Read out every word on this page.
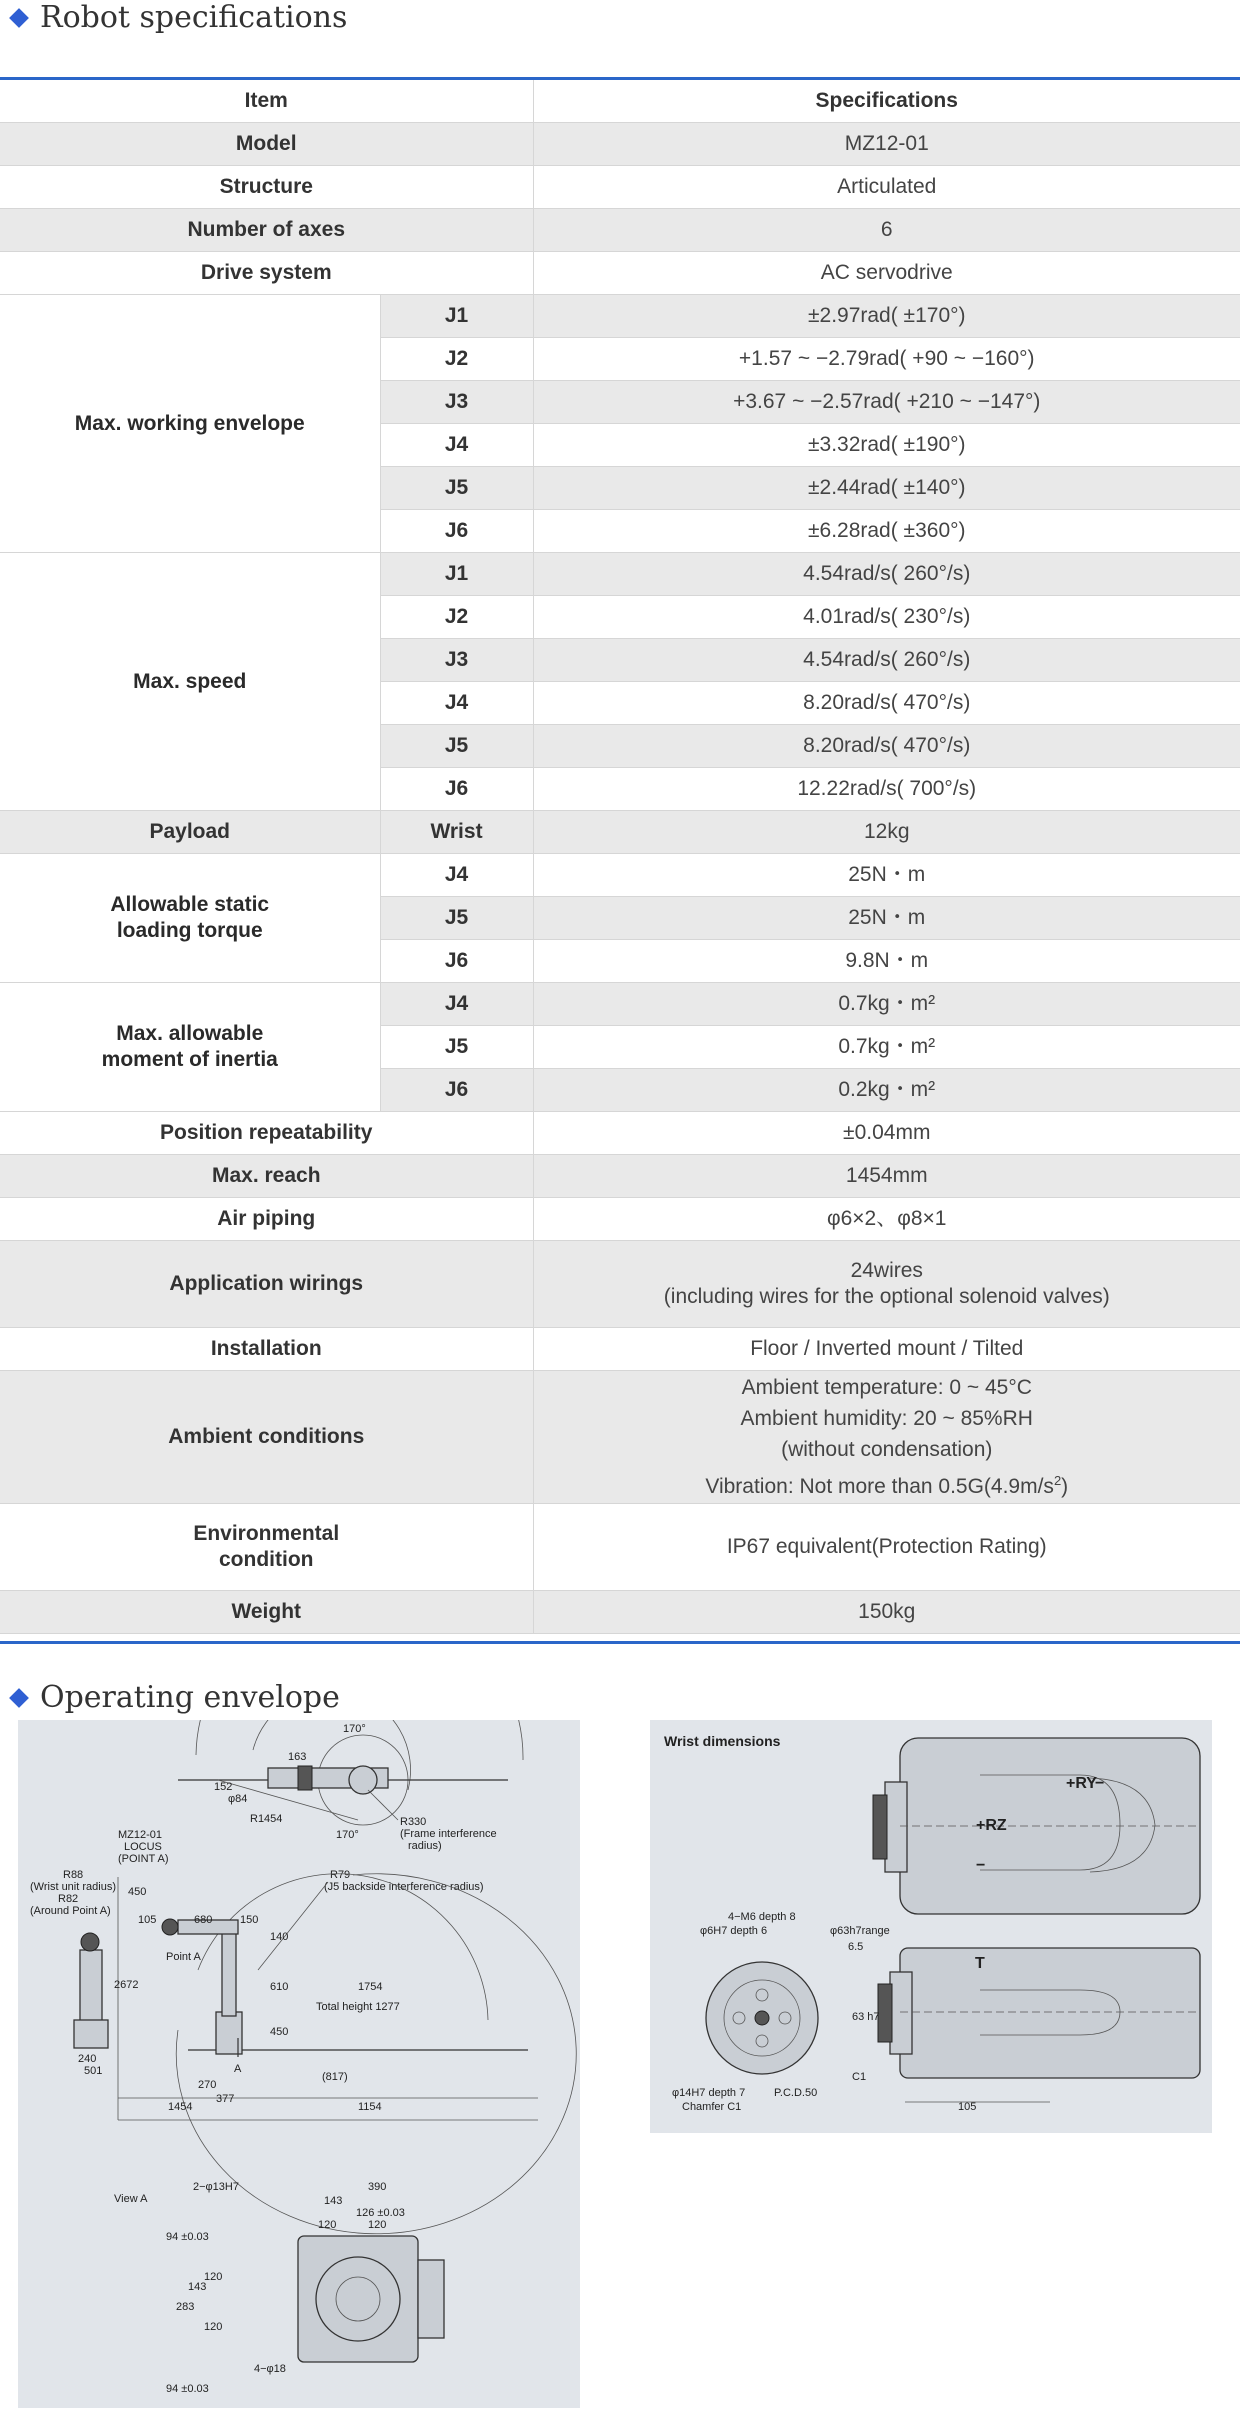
Robot specifications
Item		Specifications
Model		MZ12-01
Structure		Articulated
Number of axes		6
Drive system		AC servodrive
Max. working envelope	J1	±2.97rad( ±170°)
	J2	+1.57 ~ −2.79rad( +90 ~ −160°)
	J3	+3.67 ~ −2.57rad( +210 ~ −147°)
	J4	±3.32rad( ±190°)
	J5	±2.44rad( ±140°)
	J6	±6.28rad( ±360°)
Max. speed	J1	4.54rad/s( 260°/s)
	J2	4.01rad/s( 230°/s)
	J3	4.54rad/s( 260°/s)
	J4	8.20rad/s( 470°/s)
	J5	8.20rad/s( 470°/s)
	J6	12.22rad/s( 700°/s)
Payload	Wrist	12kg
Allowable static
loading torque	J4	25N・m
	J5	25N・m
	J6	9.8N・m
Max. allowable
moment of inertia	J4	0.7kg・m²
	J5	0.7kg・m²
	J6	0.2kg・m²
Position repeatability		±0.04mm
Max. reach		1454mm
Air piping		φ6×2、φ8×1
Application wirings		24wires
(including wires for the optional solenoid valves)
Installation		Floor / Inverted mount / Tilted
Ambient conditions		Ambient temperature: 0 ~ 45°C
Ambient humidity: 20 ~ 85%RH
(without condensation)
Vibration: Not more than $0.5G(4.9m/s^2)$
Environmental
condition		IP67 equivalent(Protection Rating)
Weight		150kg
Operating envelope
170°
170°
R1454
152
φ84
163
MZ12-01
LOCUS
(POINT A)
R330
(Frame interference
radius)
R88
(Wrist unit radius)
R82
(Around Point A)
R79
(J5 backside interference radius)
Point A
450
105	680	150
140
610
450
Total height 1277
1754
A
270
(817)
2672
240
501
1454
377
1154
View A
2−φ13H7	390
143
126 ±0.03
120	120
94 ±0.03
143
283
120
120
94 ±0.03
4−φ18
Wrist dimensions
+RY
−
+RZ
−
T
φ63h7range
6.5
63 h7
C1
105
4−M6 depth 8
φ6H7 depth 6
φ14H7 depth 7
Chamfer C1
P.C.D.50
